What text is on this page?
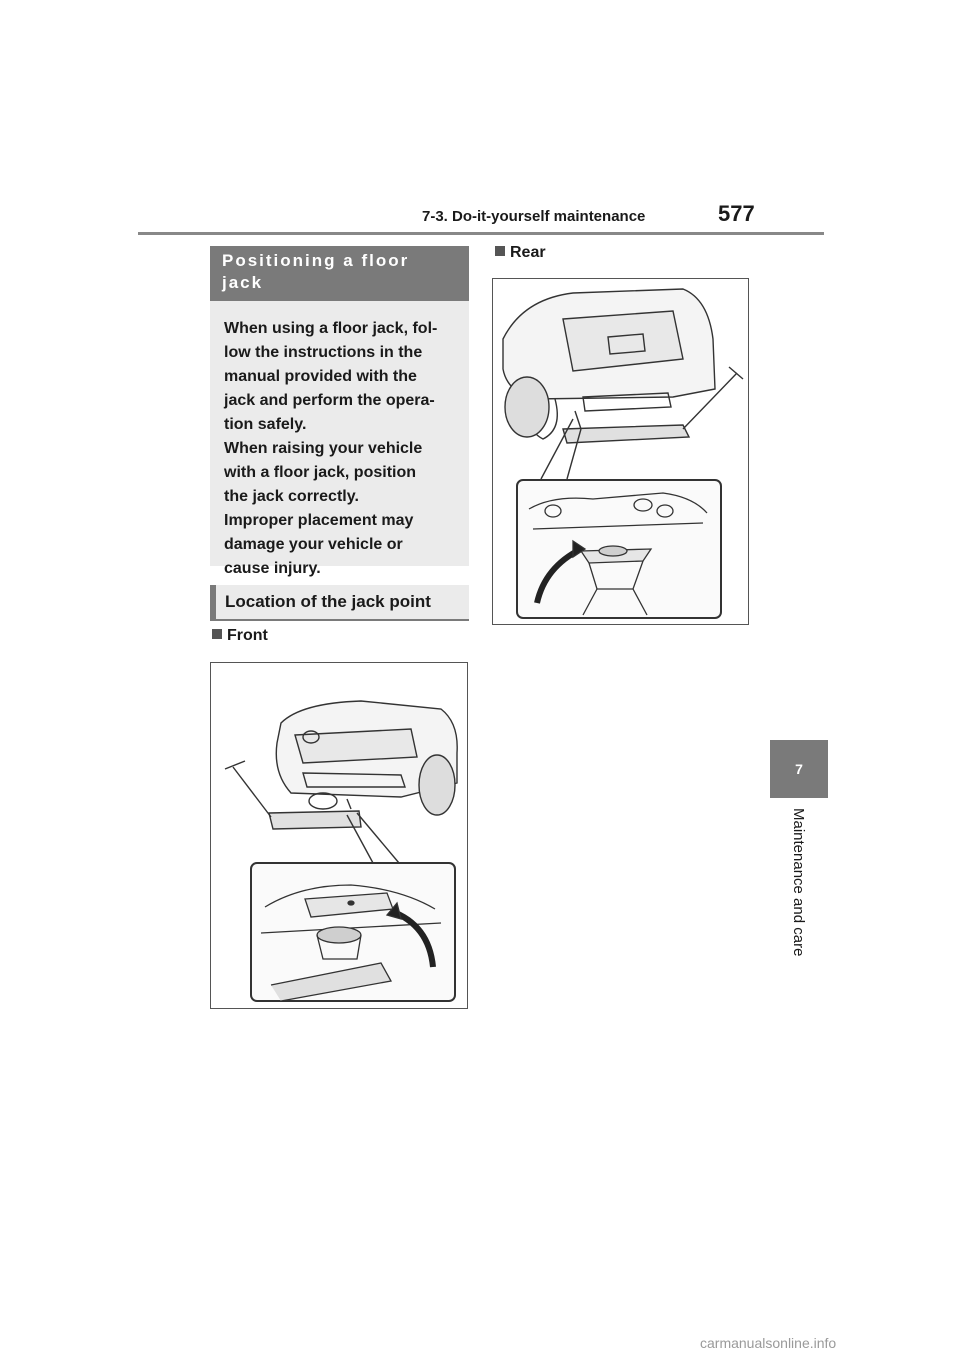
7-3. Do-it-yourself maintenance	577
7
Maintenance and care
Positioning a floor jack
When using a floor jack, fol-
low the instructions in the
manual provided with the
jack and perform the opera-
tion safely.
When raising your vehicle
with a floor jack, position
the jack correctly.
Improper placement may
damage your vehicle or
cause injury.
Location of the jack point
Front
Rear
carmanualsonline.info
